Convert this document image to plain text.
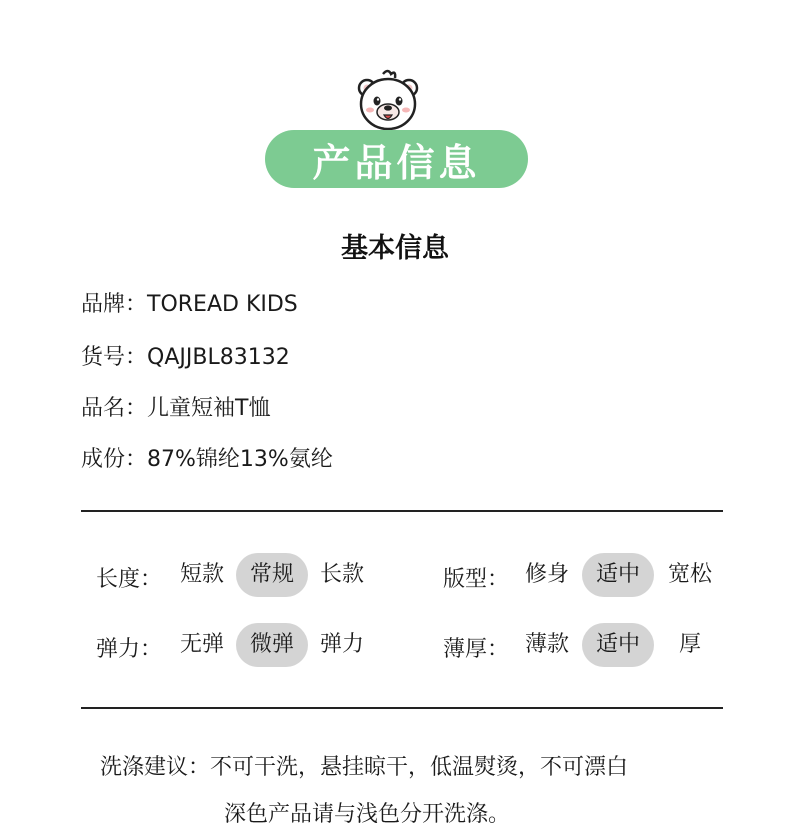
产品信息
基本信息
品牌：TOREAD KIDS
货号：QAJJBL83132
品名：儿童短袖T恤
成份：87%锦纶13%氨纶
长度： 短款	常规	长款	版型： 修身	适中	宽松
弹力： 无弹	微弹	弹力	薄厚： 薄款	适中	厚
洗涤建议：不可干洗，悬挂晾干，低温熨烫，不可漂白
深色产品请与浅色分开洗涤。
